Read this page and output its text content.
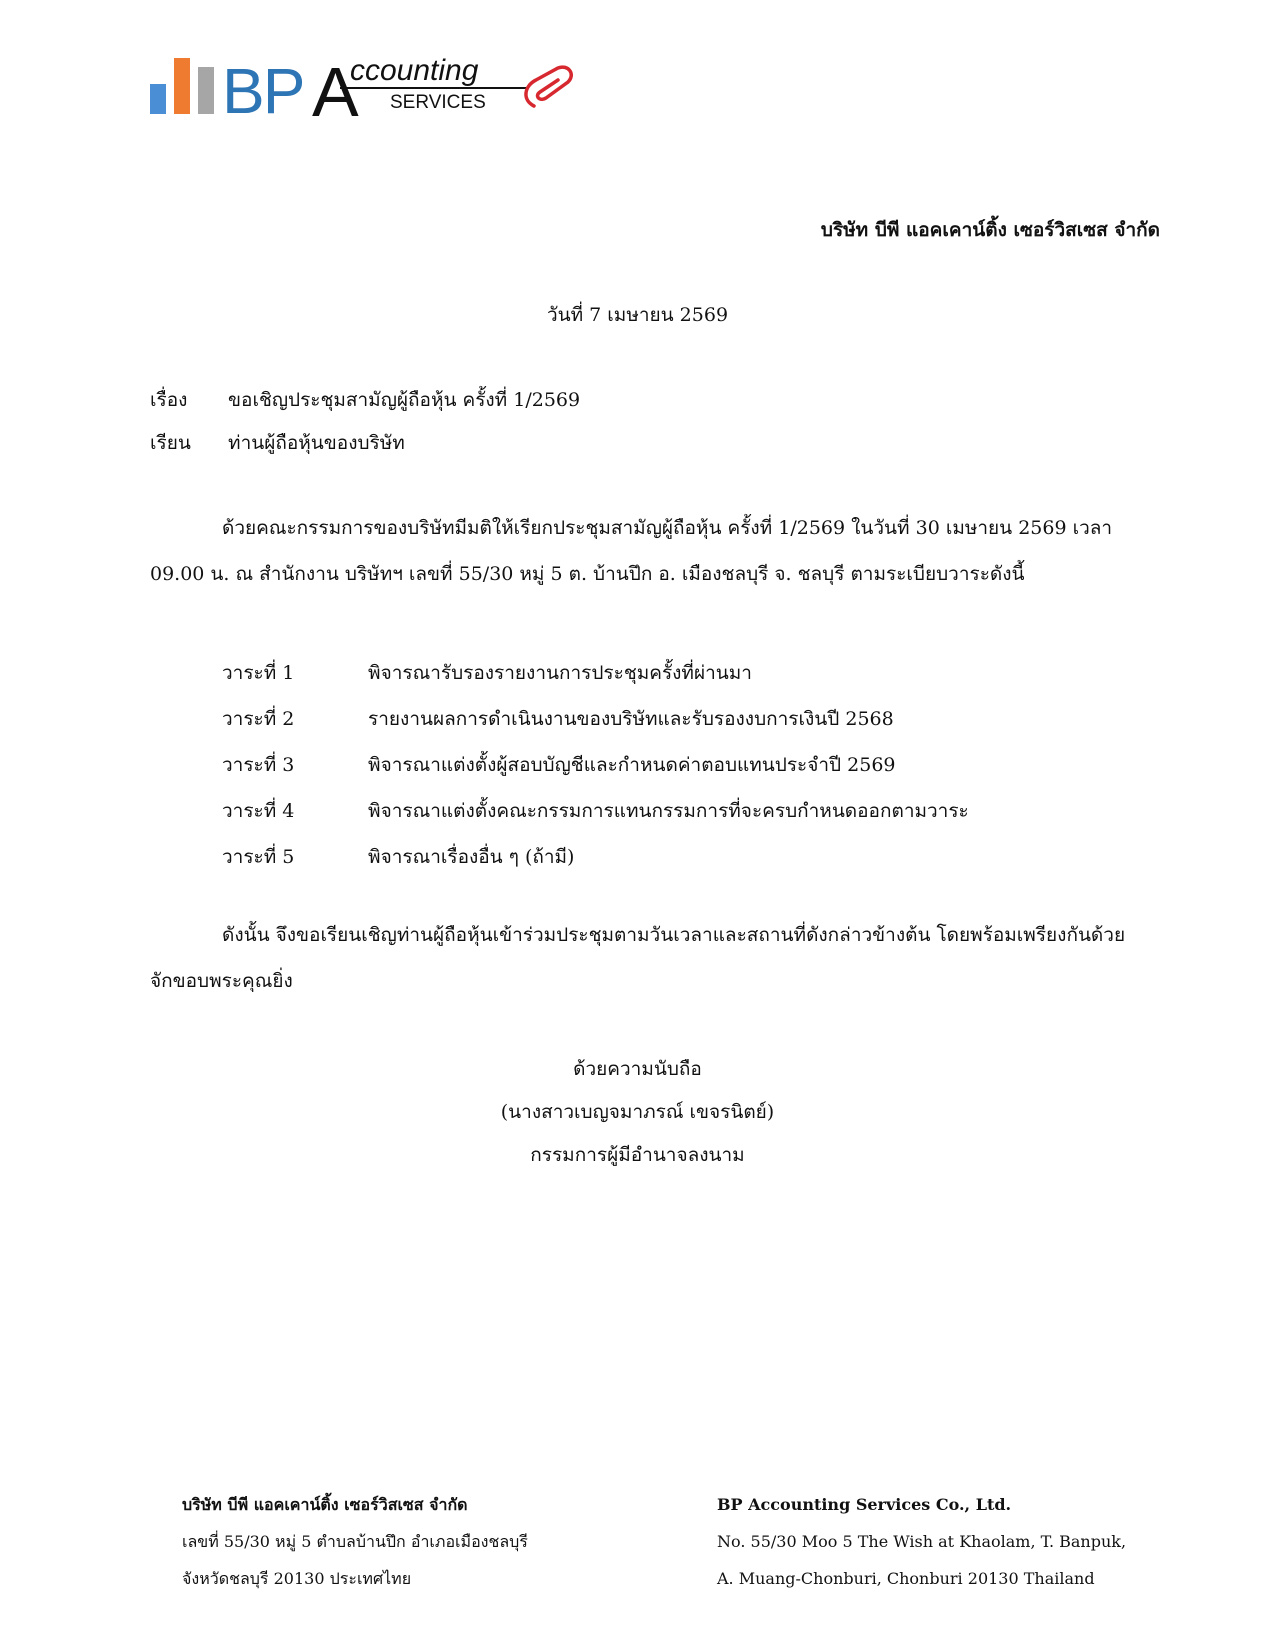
BP A
ccounting
SERVICES
บริษัท บีพี แอคเคาน์ติ้ง เซอร์วิสเซส จำกัด
วันที่ 7 เมษายน 2569
เรื่อง ขอเชิญประชุมสามัญผู้ถือหุ้น ครั้งที่ 1/2569
เรียน ท่านผู้ถือหุ้นของบริษัท
ด้วยคณะกรรมการของบริษัทมีมติให้เรียกประชุมสามัญผู้ถือหุ้น ครั้งที่ 1/2569 ในวันที่ 30 เมษายน 2569 เวลา
09.00 น. ณ สำนักงาน บริษัทฯ เลขที่ 55/30 หมู่ 5 ต. บ้านปึก อ. เมืองชลบุรี จ. ชลบุรี ตามระเบียบวาระดังนี้
วาระที่ 1	พิจารณารับรองรายงานการประชุมครั้งที่ผ่านมา
วาระที่ 2	รายงานผลการดำเนินงานของบริษัทและรับรองงบการเงินปี 2568
วาระที่ 3	พิจารณาแต่งตั้งผู้สอบบัญชีและกำหนดค่าตอบแทนประจำปี 2569
วาระที่ 4	พิจารณาแต่งตั้งคณะกรรมการแทนกรรมการที่จะครบกำหนดออกตามวาระ
วาระที่ 5	พิจารณาเรื่องอื่น ๆ (ถ้ามี)
ดังนั้น จึงขอเรียนเชิญท่านผู้ถือหุ้นเข้าร่วมประชุมตามวันเวลาและสถานที่ดังกล่าวข้างต้น โดยพร้อมเพรียงกันด้วย
จักขอบพระคุณยิ่ง
ด้วยความนับถือ
(นางสาวเบญจมาภรณ์ เขจรนิตย์)
กรรมการผู้มีอำนาจลงนาม
บริษัท บีพี แอคเคาน์ติ้ง เซอร์วิสเซส จำกัด
เลขที่ 55/30 หมู่ 5 ตำบลบ้านปึก อำเภอเมืองชลบุรี
จังหวัดชลบุรี 20130 ประเทศไทย
BP Accounting Services Co., Ltd.
No. 55/30 Moo 5 The Wish at Khaolam, T. Banpuk,
A. Muang-Chonburi, Chonburi 20130 Thailand
